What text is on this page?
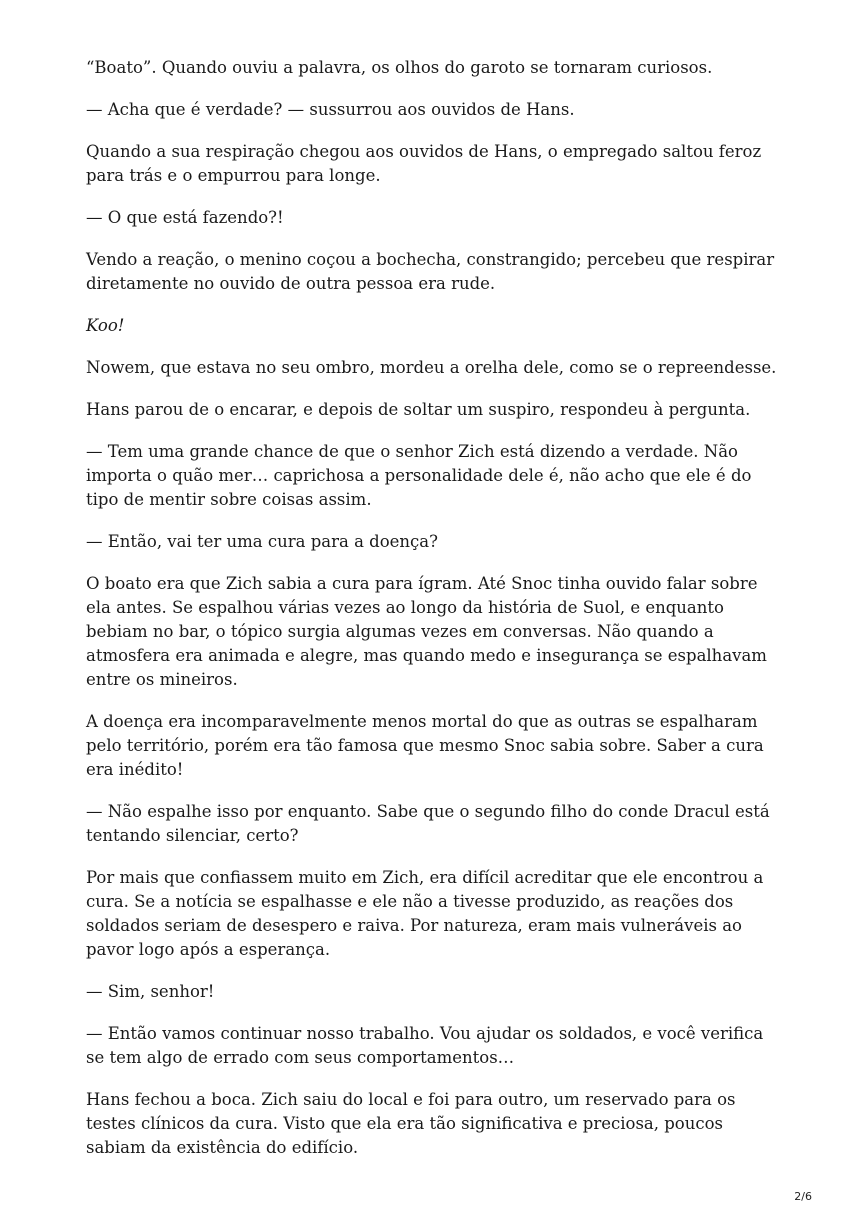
“Boato”. Quando ouviu a palavra, os olhos do garoto se tornaram curiosos.

— Acha que é verdade? — sussurrou aos ouvidos de Hans.

Quando a sua respiração chegou aos ouvidos de Hans, o empregado saltou feroz para trás e o empurrou para longe.

— O que está fazendo?!

Vendo a reação, o menino coçou a bochecha, constrangido; percebeu que respirar diretamente no ouvido de outra pessoa era rude.

Koo!

Nowem, que estava no seu ombro, mordeu a orelha dele, como se o repreendesse.

Hans parou de o encarar, e depois de soltar um suspiro, respondeu à pergunta.

— Tem uma grande chance de que o senhor Zich está dizendo a verdade. Não importa o quão mer… caprichosa a personalidade dele é, não acho que ele é do tipo de mentir sobre coisas assim.

— Então, vai ter uma cura para a doença?

O boato era que Zich sabia a cura para ígram. Até Snoc tinha ouvido falar sobre ela antes. Se espalhou várias vezes ao longo da história de Suol, e enquanto bebiam no bar, o tópico surgia algumas vezes em conversas. Não quando a atmosfera era animada e alegre, mas quando medo e insegurança se espalhavam entre os mineiros.

A doença era incomparavelmente menos mortal do que as outras se espalharam pelo território, porém era tão famosa que mesmo Snoc sabia sobre. Saber a cura era inédito!

— Não espalhe isso por enquanto. Sabe que o segundo filho do conde Dracul está tentando silenciar, certo?

Por mais que confiassem muito em Zich, era difícil acreditar que ele encontrou a cura. Se a notícia se espalhasse e ele não a tivesse produzido, as reações dos soldados seriam de desespero e raiva. Por natureza, eram mais vulneráveis ao pavor logo após a esperança.

— Sim, senhor!

— Então vamos continuar nosso trabalho. Vou ajudar os soldados, e você verifica se tem algo de errado com seus comportamentos…

Hans fechou a boca. Zich saiu do local e foi para outro, um reservado para os testes clínicos da cura. Visto que ela era tão significativa e preciosa, poucos sabiam da existência do edifício.

2/6
